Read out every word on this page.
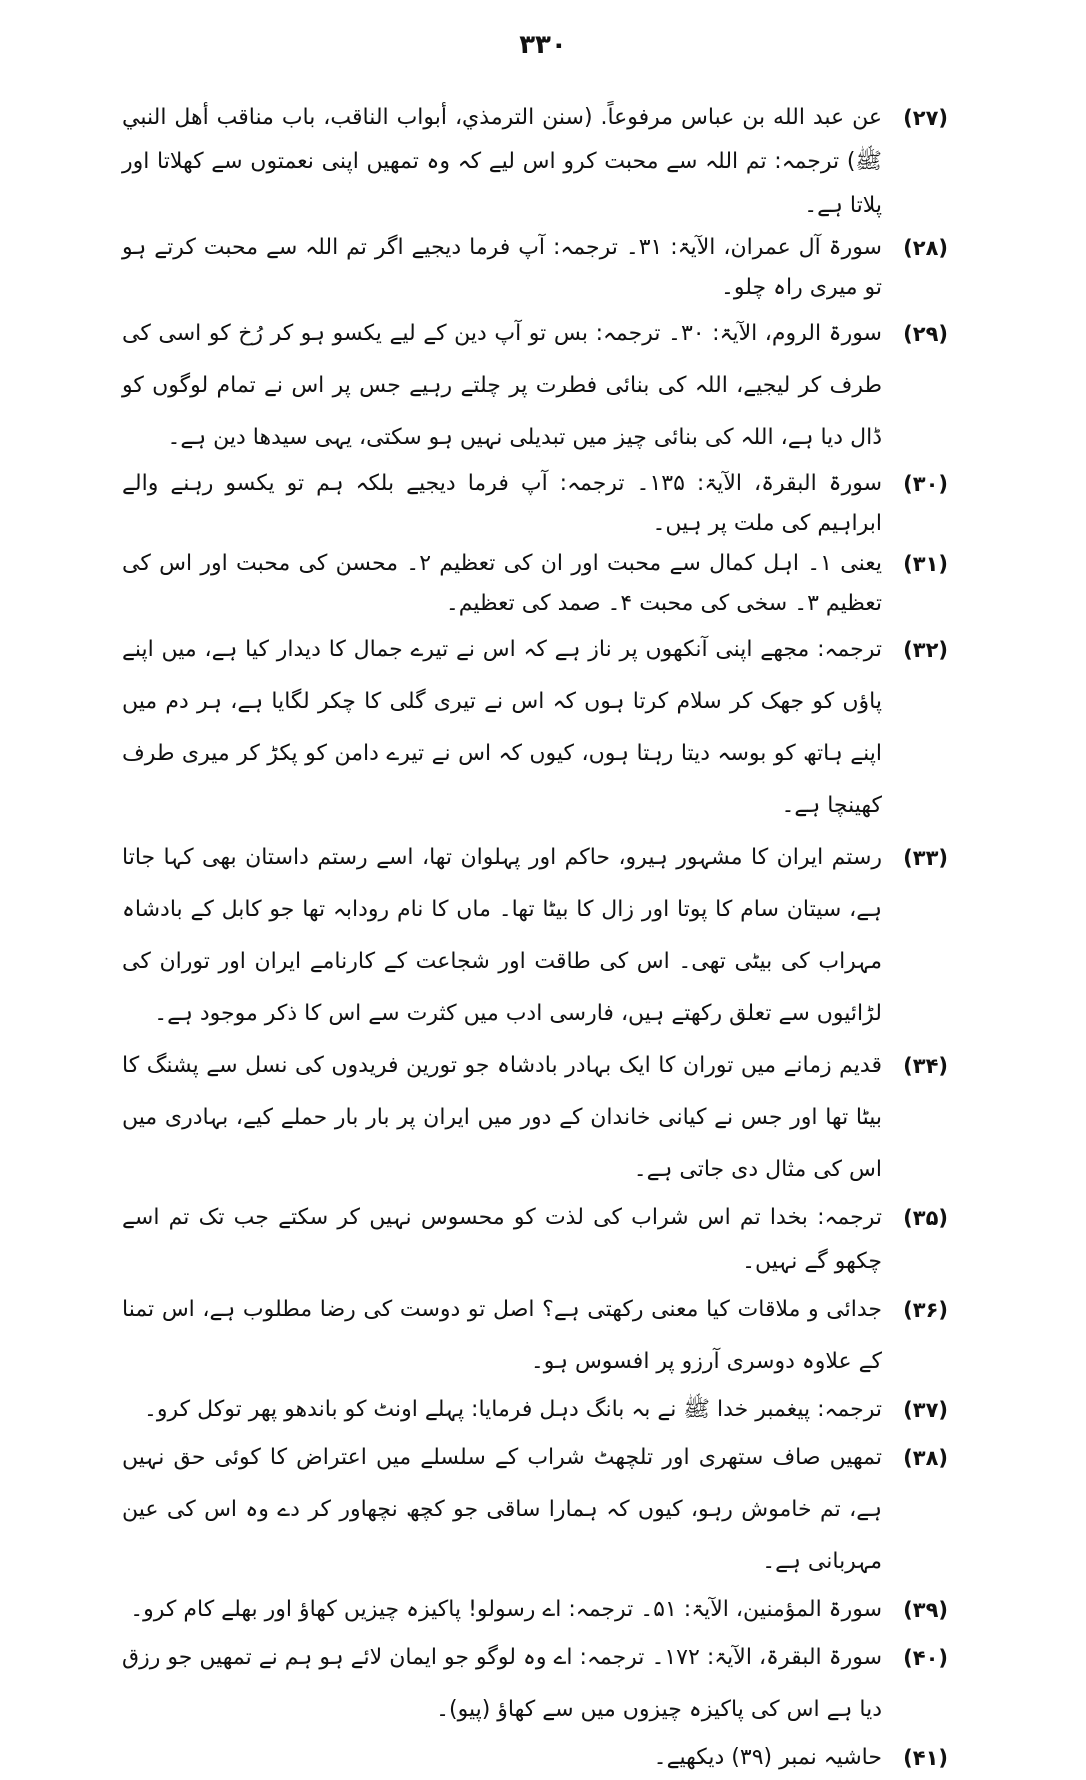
۳۳۰
(۲۷)
عن عبد الله بن عباس مرفوعاً. (سنن الترمذي، أبواب الناقب، باب مناقب أهل النبي ﷺ) ترجمہ: تم اللہ سے محبت کرو اس لیے کہ وہ تمھیں اپنی نعمتوں سے کھلاتا اور پلاتا ہے۔
(۲۸)
سورۃ آل عمران، الآیۃ: ۳۱۔ ترجمہ: آپ فرما دیجیے اگر تم اللہ سے محبت کرتے ہو تو میری راہ چلو۔
(۲۹)
سورۃ الروم، الآیۃ: ۳۰۔ ترجمہ: بس تو آپ دین کے لیے یکسو ہو کر رُخ کو اسی کی طرف کر لیجیے، اللہ کی بنائی فطرت پر چلتے رہیے جس پر اس نے تمام لوگوں کو ڈال دیا ہے، اللہ کی بنائی چیز میں تبدیلی نہیں ہو سکتی، یہی سیدھا دین ہے۔
(۳۰)
سورۃ البقرۃ، الآیۃ: ۱۳۵۔ ترجمہ: آپ فرما دیجیے بلکہ ہم تو یکسو رہنے والے ابراہیم کی ملت پر ہیں۔
(۳۱)
یعنی ۱۔ اہل کمال سے محبت اور ان کی تعظیم ۲۔ محسن کی محبت اور اس کی تعظیم ۳۔ سخی کی محبت ۴۔ صمد کی تعظیم۔
(۳۲)
ترجمہ: مجھے اپنی آنکھوں پر ناز ہے کہ اس نے تیرے جمال کا دیدار کیا ہے، میں اپنے پاؤں کو جھک کر سلام کرتا ہوں کہ اس نے تیری گلی کا چکر لگایا ہے، ہر دم میں اپنے ہاتھ کو بوسہ دیتا رہتا ہوں، کیوں کہ اس نے تیرے دامن کو پکڑ کر میری طرف کھینچا ہے۔
(۳۳)
رستم ایران کا مشہور ہیرو، حاکم اور پہلوان تھا، اسے رستم داستان بھی کہا جاتا ہے، سیتان سام کا پوتا اور زال کا بیٹا تھا۔ ماں کا نام رودابہ تھا جو کابل کے بادشاہ مہراب کی بیٹی تھی۔ اس کی طاقت اور شجاعت کے کارنامے ایران اور توران کی لڑائیوں سے تعلق رکھتے ہیں، فارسی ادب میں کثرت سے اس کا ذکر موجود ہے۔
(۳۴)
قدیم زمانے میں توران کا ایک بہادر بادشاہ جو تورین فریدوں کی نسل سے پشنگ کا بیٹا تھا اور جس نے کیانی خاندان کے دور میں ایران پر بار بار حملے کیے، بہادری میں اس کی مثال دی جاتی ہے۔
(۳۵)
ترجمہ: بخدا تم اس شراب کی لذت کو محسوس نہیں کر سکتے جب تک تم اسے چکھو گے نہیں۔
(۳۶)
جدائی و ملاقات کیا معنی رکھتی ہے؟ اصل تو دوست کی رضا مطلوب ہے، اس تمنا کے علاوہ دوسری آرزو پر افسوس ہو۔
(۳۷)
ترجمہ: پیغمبر خدا ﷺ نے بہ بانگ دہل فرمایا: پہلے اونٹ کو باندھو پھر توکل کرو۔
(۳۸)
تمھیں صاف ستھری اور تلچھٹ شراب کے سلسلے میں اعتراض کا کوئی حق نہیں ہے، تم خاموش رہو، کیوں کہ ہمارا ساقی جو کچھ نچھاور کر دے وہ اس کی عین مہربانی ہے۔
(۳۹)
سورۃ المؤمنین، الآیۃ: ۵۱۔ ترجمہ: اے رسولو! پاکیزہ چیزیں کھاؤ اور بھلے کام کرو۔
(۴۰)
سورۃ البقرۃ، الآیۃ: ۱۷۲۔ ترجمہ: اے وہ لوگو جو ایمان لائے ہو ہم نے تمھیں جو رزق دیا ہے اس کی پاکیزہ چیزوں میں سے کھاؤ (پیو)۔
(۴۱)
حاشیہ نمبر (۳۹) دیکھیے۔
